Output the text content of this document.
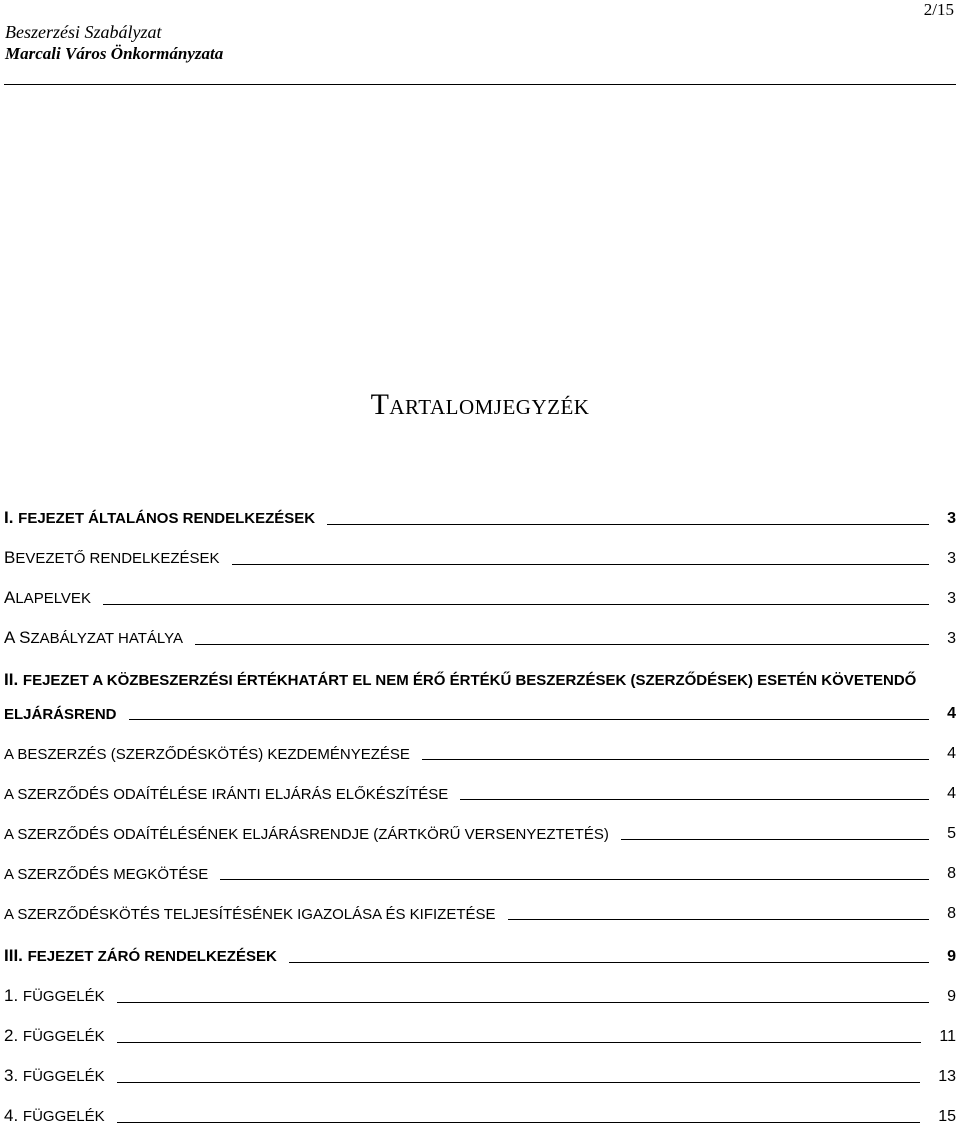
2/15
Beszerzési Szabályzat
Marcali Város Önkormányzata
Tartalomjegyzék
I. FEJEZET ÁLTALÁNOS RENDELKEZÉSEK	3
BEVEZETŐ RENDELKEZÉSEK	3
ALAPELVEK	3
A SZABÁLYZAT HATÁLYA	3
II. FEJEZET A KÖZBESZERZÉSI ÉRTÉKHATÁRT EL NEM ÉRŐ ÉRTÉKŰ BESZERZÉSEK (SZERZŐDÉSEK) ESETÉN KÖVETENDŐ
ELJÁRÁSREND	4
A BESZERZÉS (SZERZŐDÉSKÖTÉS) KEZDEMÉNYEZÉSE	4
A SZERZŐDÉS ODAÍTÉLÉSE IRÁNTI ELJÁRÁS ELŐKÉSZÍTÉSE	4
A SZERZŐDÉS ODAÍTÉLÉSÉNEK ELJÁRÁSRENDJE (ZÁRTKÖRŰ VERSENYEZTETÉS)	5
A SZERZŐDÉS MEGKÖTÉSE	8
A SZERZŐDÉSKÖTÉS TELJESÍTÉSÉNEK IGAZOLÁSA ÉS KIFIZETÉSE	8
III. FEJEZET ZÁRÓ RENDELKEZÉSEK	9
1. FÜGGELÉK	9
2. FÜGGELÉK	11
3. FÜGGELÉK	13
4. FÜGGELÉK	15
